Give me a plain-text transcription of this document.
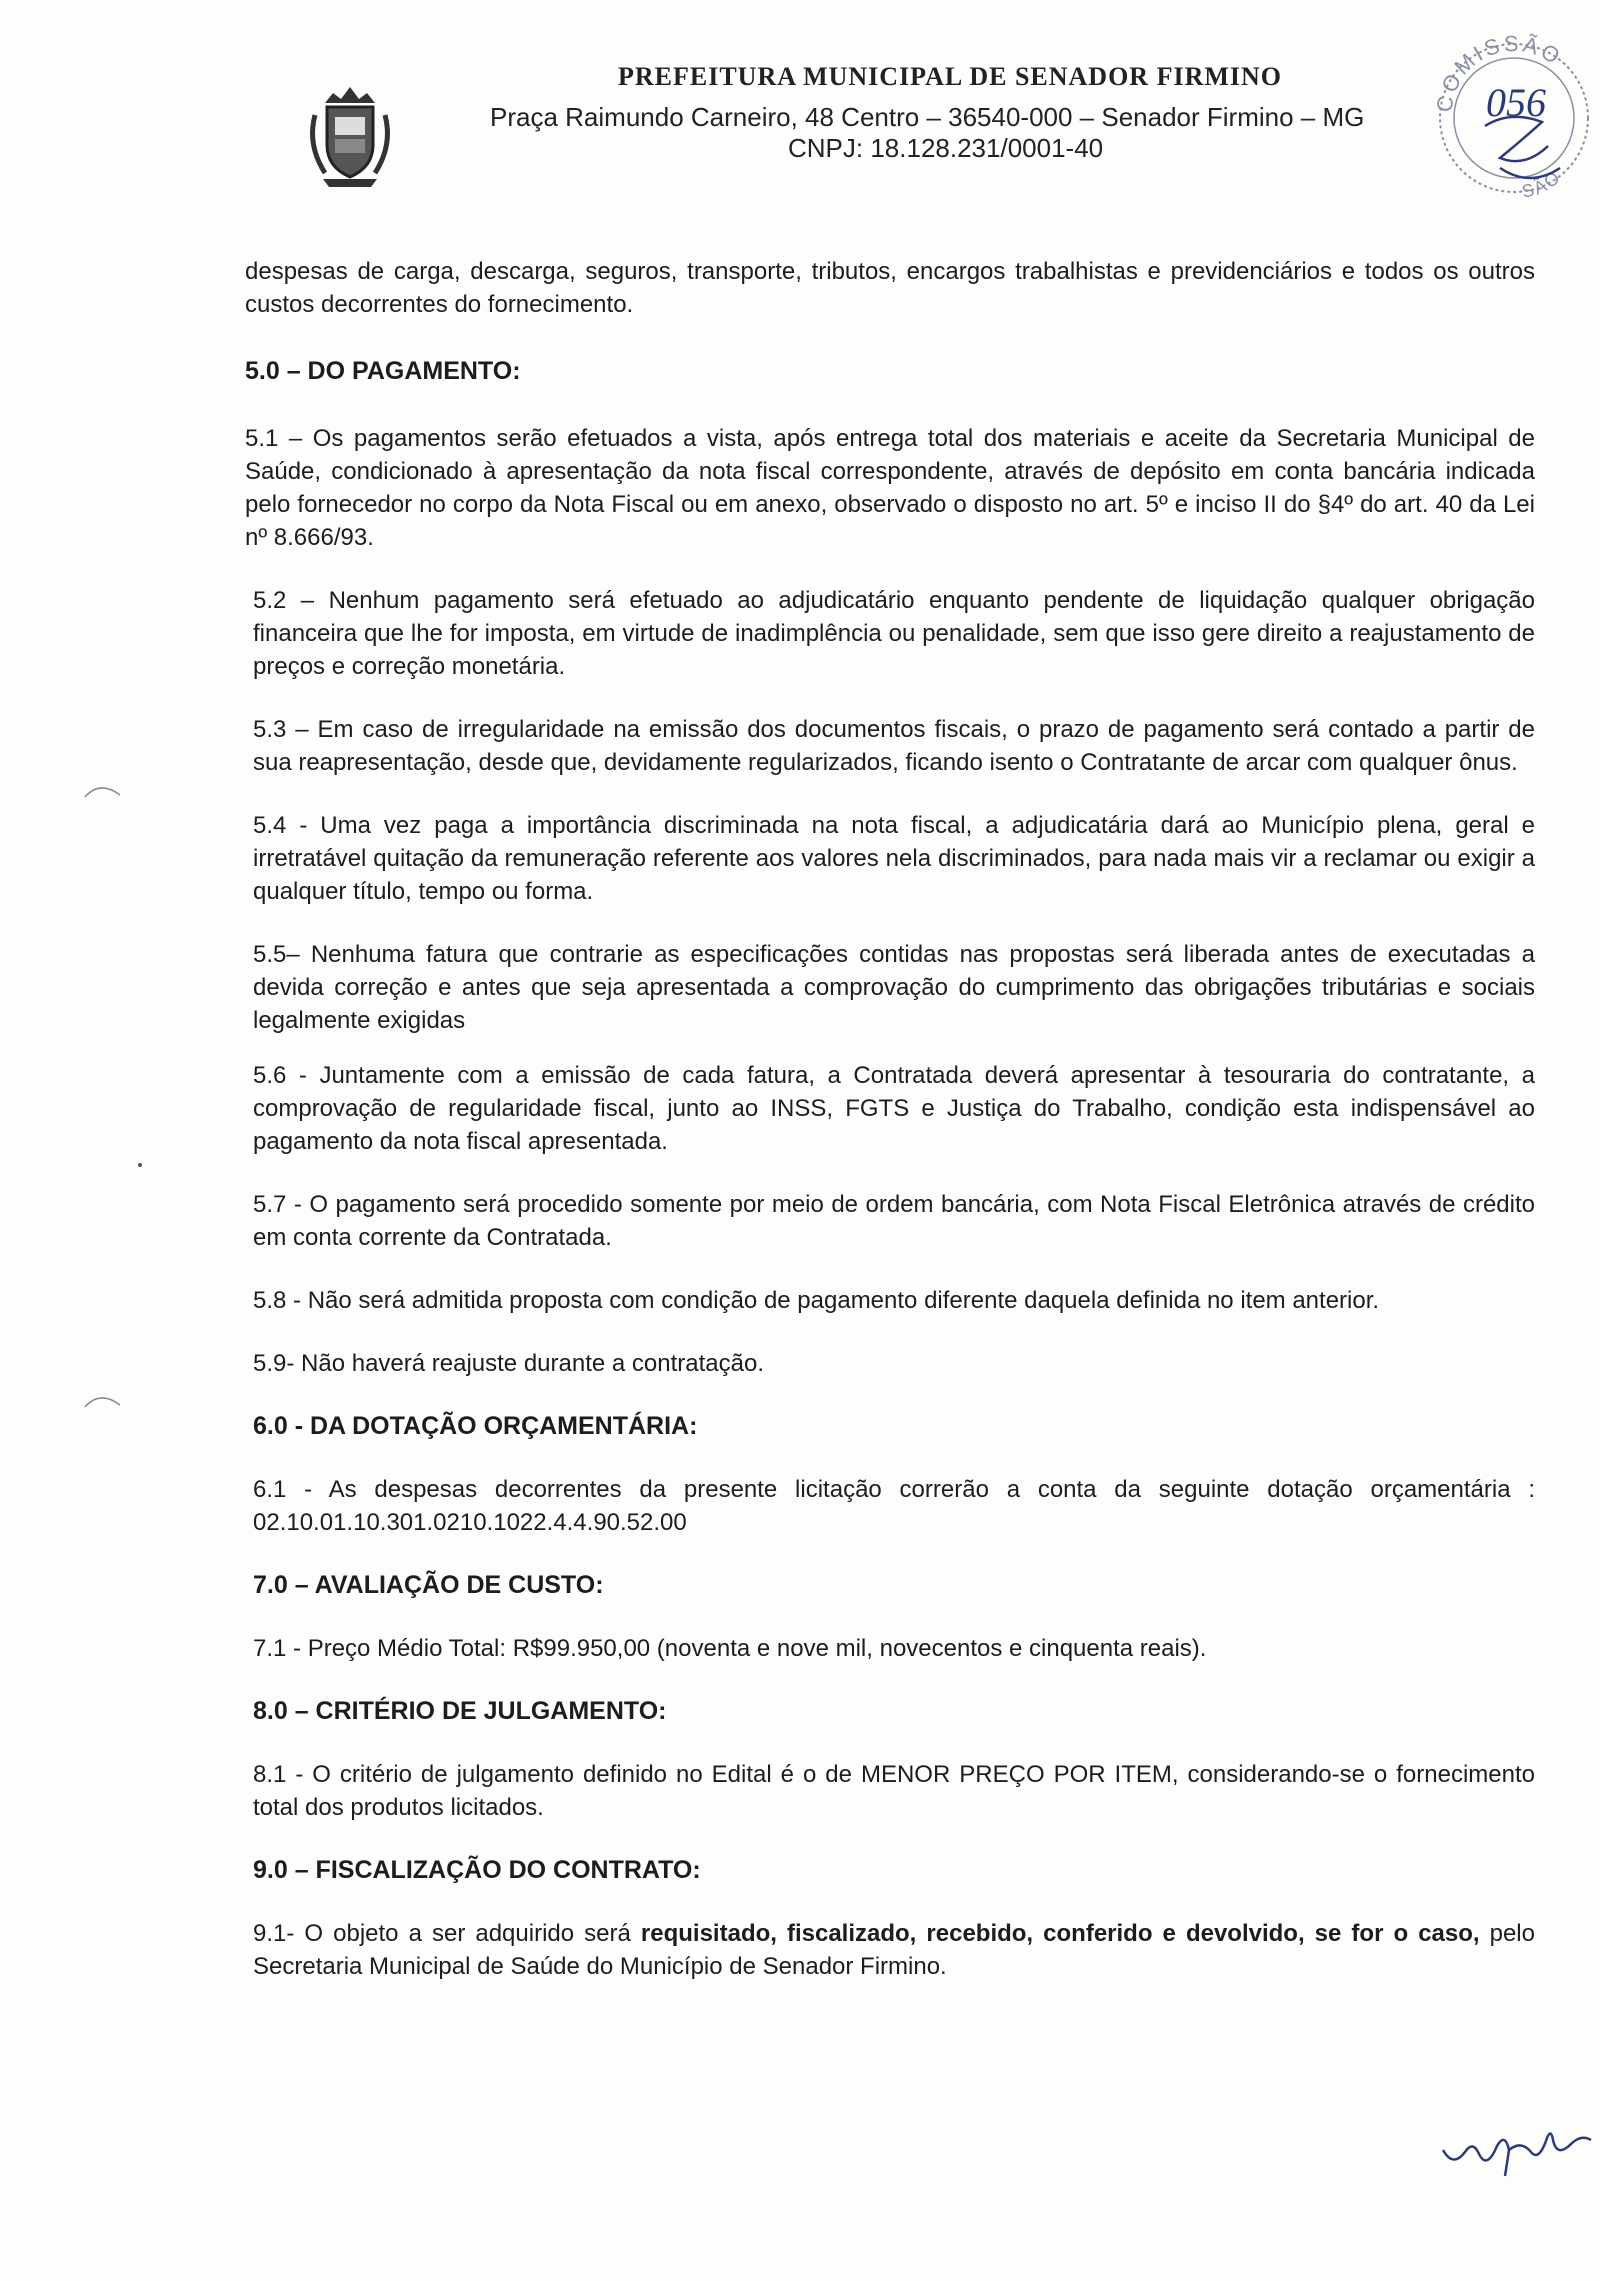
PREFEITURA MUNICIPAL DE SENADOR FIRMINO
Praça Raimundo Carneiro, 48 Centro – 36540-000 – Senador Firmino – MG
CNPJ: 18.128.231/0001-40
COMISSÃO
SÃO
056

despesas de carga, descarga, seguros, transporte, tributos, encargos trabalhistas e previdenciários e todos os outros custos decorrentes do fornecimento.

5.0 – DO PAGAMENTO:

5.1 – Os pagamentos serão efetuados a vista, após entrega total dos materiais e aceite da Secretaria Municipal de Saúde, condicionado à apresentação da nota fiscal correspondente, através de depósito em conta bancária indicada pelo fornecedor no corpo da Nota Fiscal ou em anexo, observado o disposto no art. 5º e inciso II do §4º do art. 40 da Lei nº 8.666/93.

5.2 – Nenhum pagamento será efetuado ao adjudicatário enquanto pendente de liquidação qualquer obrigação financeira que lhe for imposta, em virtude de inadimplência ou penalidade, sem que isso gere direito a reajustamento de preços e correção monetária.

5.3 – Em caso de irregularidade na emissão dos documentos fiscais, o prazo de pagamento será contado a partir de sua reapresentação, desde que, devidamente regularizados, ficando isento o Contratante de arcar com qualquer ônus.

5.4 - Uma vez paga a importância discriminada na nota fiscal, a adjudicatária dará ao Município plena, geral e irretratável quitação da remuneração referente aos valores nela discriminados, para nada mais vir a reclamar ou exigir a qualquer título, tempo ou forma.

5.5– Nenhuma fatura que contrarie as especificações contidas nas propostas será liberada antes de executadas a devida correção e antes que seja apresentada a comprovação do cumprimento das obrigações tributárias e sociais legalmente exigidas

5.6 - Juntamente com a emissão de cada fatura, a Contratada deverá apresentar à tesouraria do contratante, a comprovação de regularidade fiscal, junto ao INSS, FGTS e Justiça do Trabalho, condição esta indispensável ao pagamento da nota fiscal apresentada.

5.7 - O pagamento será procedido somente por meio de ordem bancária, com Nota Fiscal Eletrônica através de crédito em conta corrente da Contratada.

5.8 - Não será admitida proposta com condição de pagamento diferente daquela definida no item anterior.

5.9- Não haverá reajuste durante a contratação.

6.0 - DA DOTAÇÃO ORÇAMENTÁRIA:

6.1 - As despesas decorrentes da presente licitação correrão a conta da seguinte dotação orçamentária : 02.10.01.10.301.0210.1022.4.4.90.52.00

7.0 – AVALIAÇÃO DE CUSTO:

7.1 - Preço Médio Total: R$99.950,00 (noventa e nove mil, novecentos e cinquenta reais).

8.0 – CRITÉRIO DE JULGAMENTO:

8.1 - O critério de julgamento definido no Edital é o de MENOR PREÇO POR ITEM, considerando-se o fornecimento total dos produtos licitados.

9.0 – FISCALIZAÇÃO DO CONTRATO:

9.1- O objeto a ser adquirido será requisitado, fiscalizado, recebido, conferido e devolvido, se for o caso, pelo Secretaria Municipal de Saúde do Município de Senador Firmino.
